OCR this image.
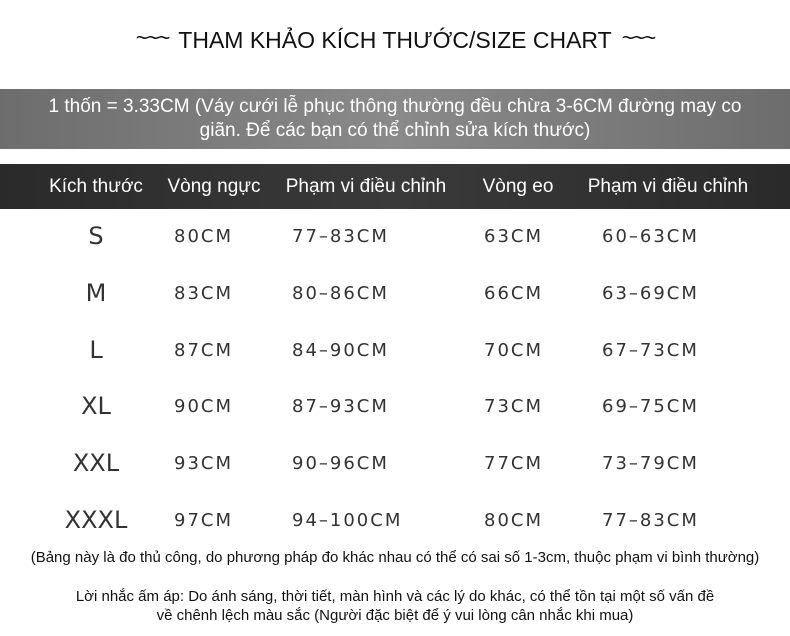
~~~ THAM KHẢO KÍCH THƯỚC/SIZE CHART ~~~
1 thốn = 3.33CM (Váy cưới lễ phục thông thường đều chừa 3-6CM đường may co
giãn. Để các bạn có thể chỉnh sửa kích thước)
Kích thước	Vòng ngực	Phạm vi điều chỉnh	Vòng eo	Phạm vi điều chỉnh
S	80CM	77–83CM	63CM	60–63CM
M	83CM	80–86CM	66CM	63–69CM
L	87CM	84–90CM	70CM	67–73CM
XL	90CM	87–93CM	73CM	69–75CM
XXL	93CM	90–96CM	77CM	73–79CM
XXXL	97CM	94–100CM	80CM	77–83CM
(Bảng này là đo thủ công, do phương pháp đo khác nhau có thể có sai số 1-3cm, thuộc phạm vi bình thường)
Lời nhắc ấm áp: Do ánh sáng, thời tiết, màn hình và các lý do khác, có thể tồn tại một số vấn đề
về chênh lệch màu sắc (Người đặc biệt để ý vui lòng cân nhắc khi mua)
